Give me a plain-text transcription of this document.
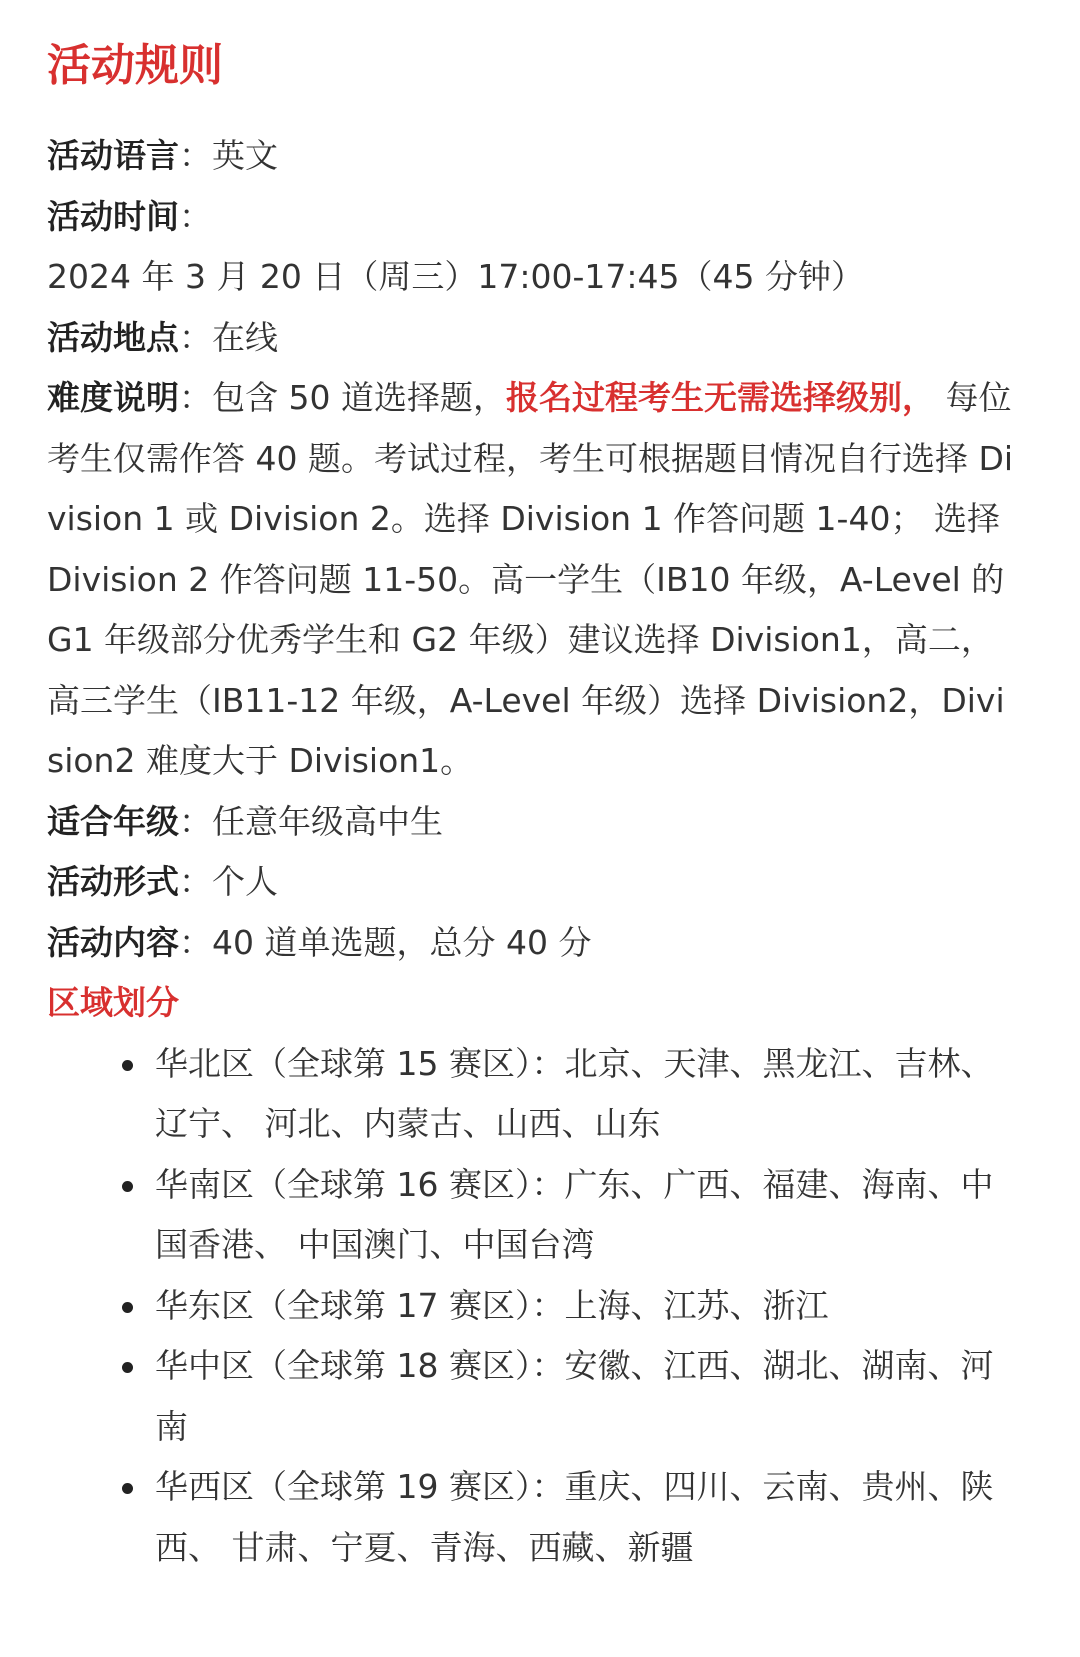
活动规则

活动语言：英文

活动时间：2024 年 3 月 20 日（周三）17:00-17:45（45 分钟）

活动地点：在线

难度说明：包含 50 道选择题，报名过程考生无需选择级别， 每位考生仅需作答 40 题。考试过程，考生可根据题目情况自行选择 Division 1 或 Division 2。选择 Division 1 作答问题 1-40； 选择 Division 2 作答问题 11-50。高一学生（IB10 年级，A-Level 的 G1 年级部分优秀学生和 G2 年级）建议选择 Division1，高二，高三学生（IB11-12 年级，A-Level 年级）选择 Division2，Division2 难度大于 Division1。

适合年级：任意年级高中生

活动形式：个人

活动内容：40 道单选题，总分 40 分

区域划分
华北区（全球第 15 赛区）：北京、天津、黑龙江、吉林、辽宁、 河北、内蒙古、山西、山东
华南区（全球第 16 赛区）：广东、广西、福建、海南、中国香港、 中国澳门、中国台湾
华东区（全球第 17 赛区）：上海、江苏、浙江
华中区（全球第 18 赛区）：安徽、江西、湖北、湖南、河南
华西区（全球第 19 赛区）：重庆、四川、云南、贵州、陕西、 甘肃、宁夏、青海、西藏、新疆
